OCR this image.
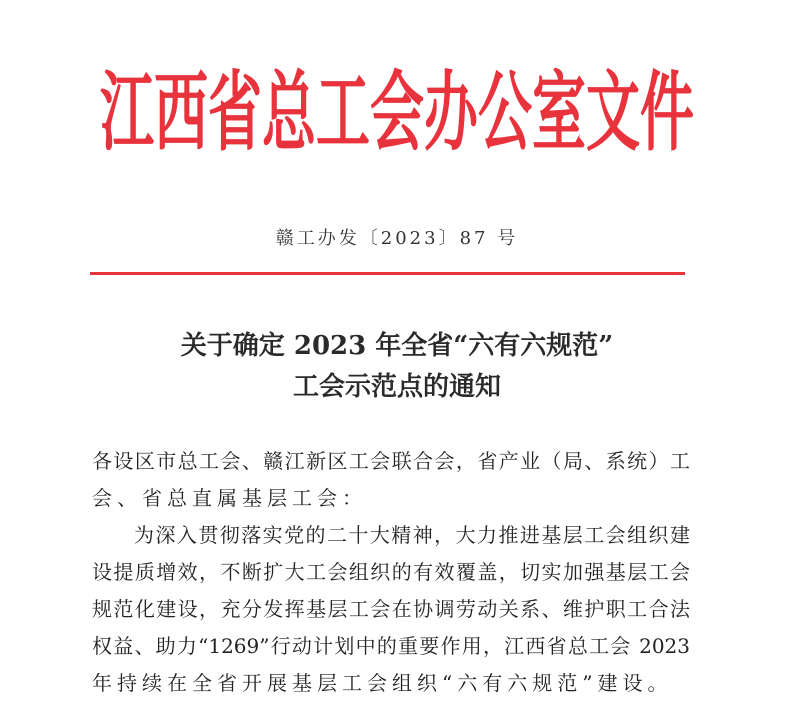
江 西 省 总 工 会 办 公 室 文 件
赣工办发〔2023〕87 号
关于确定 2023 年全省“六有六规范”
工会示范点的通知
各设区市总工会、赣江新区工会联合会，省产业（局、系统）工
会、省总直属基层工会：
为深入贯彻落实党的二十大精神，大力推进基层工会组织建
设提质增效，不断扩大工会组织的有效覆盖，切实加强基层工会
规范化建设，充分发挥基层工会在协调劳动关系、维护职工合法
权益、助力“1269”行动计划中的重要作用，江西省总工会 2023
年持续在全省开展基层工会组织“六有六规范”建设。
